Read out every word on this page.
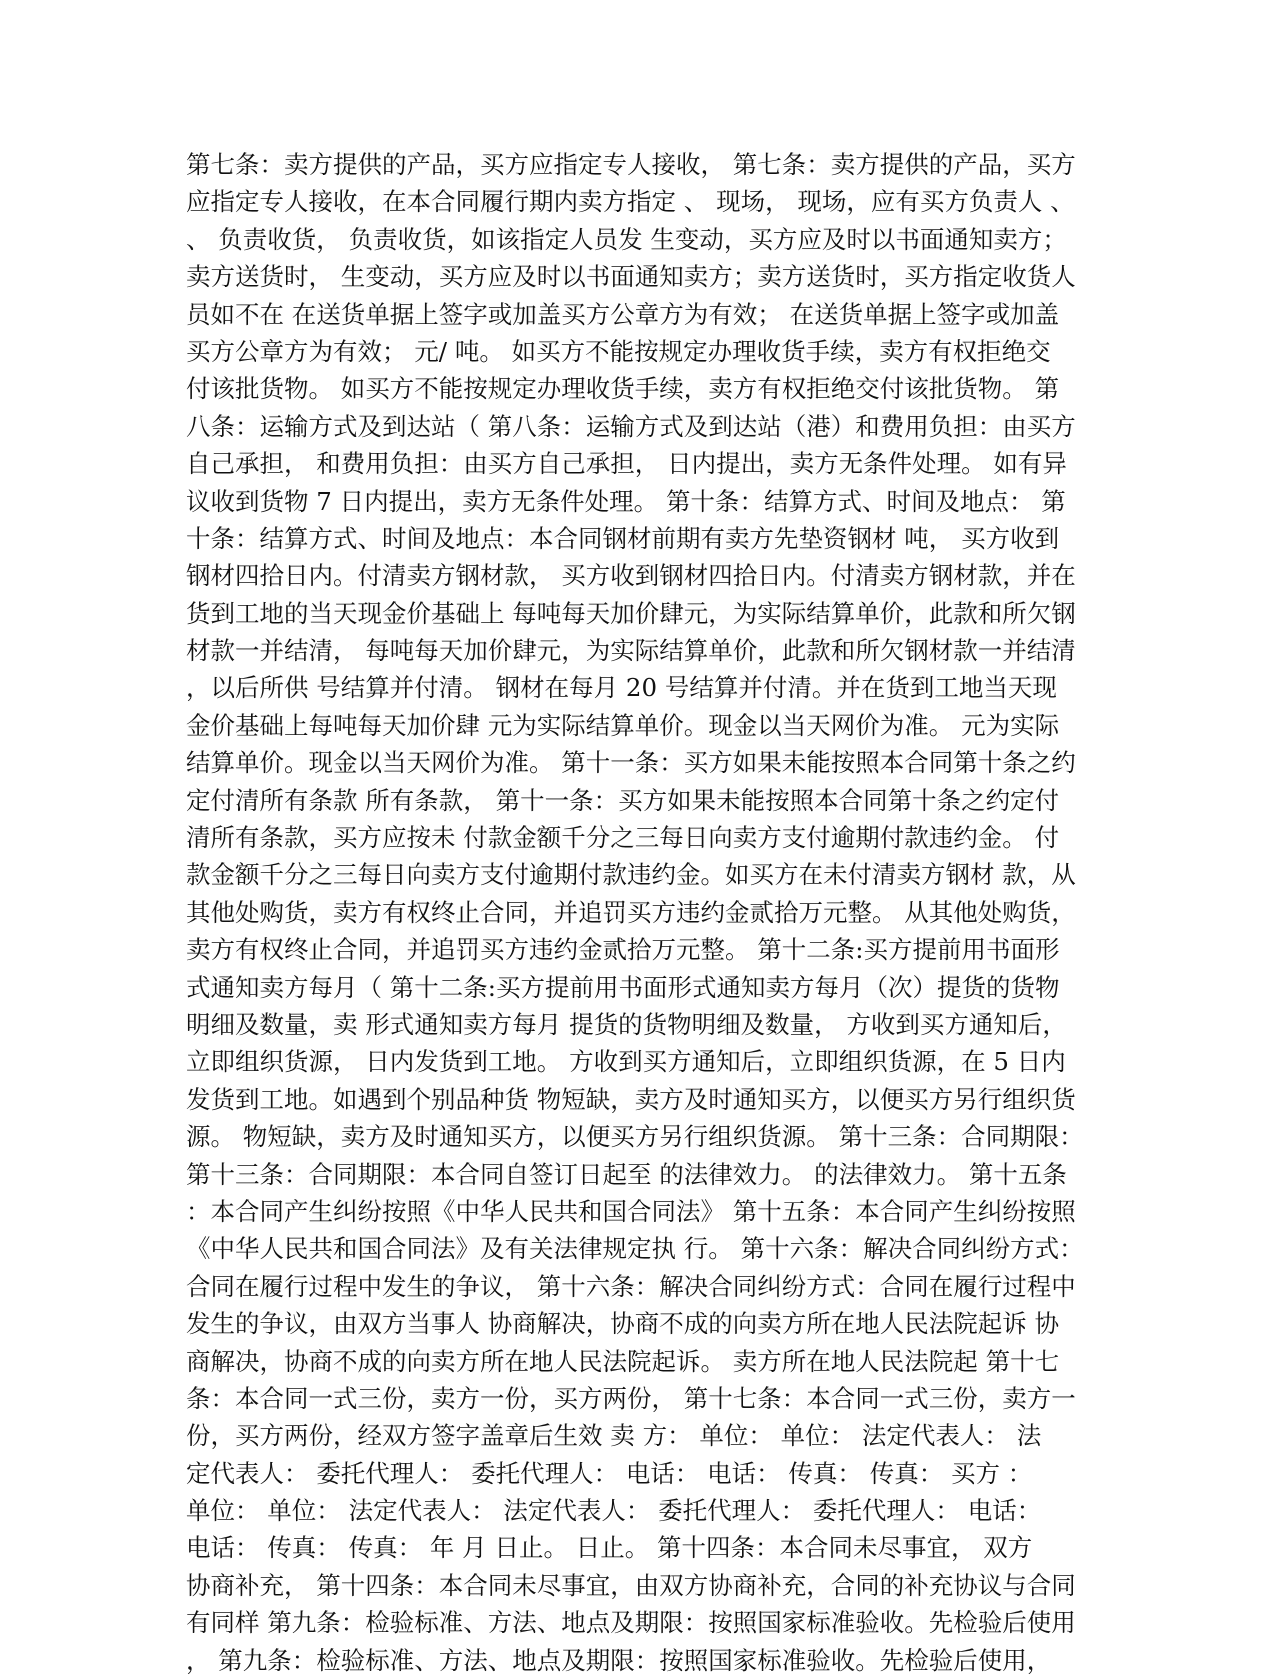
第七条：卖方提供的产品，买方应指定专人接收， 第七条：卖方提供的产品，买方
应指定专人接收，在本合同履行期内卖方指定 、 现场， 现场，应有买方负责人 、
、 负责收货， 负责收货，如该指定人员发 生变动，买方应及时以书面通知卖方；
卖方送货时， 生变动，买方应及时以书面通知卖方；卖方送货时，买方指定收货人
员如不在 在送货单据上签字或加盖买方公章方为有效； 在送货单据上签字或加盖
买方公章方为有效； 元/ 吨。 如买方不能按规定办理收货手续，卖方有权拒绝交
付该批货物。 如买方不能按规定办理收货手续，卖方有权拒绝交付该批货物。 第
八条：运输方式及到达站（ 第八条：运输方式及到达站（港）和费用负担：由买方
自己承担， 和费用负担：由买方自己承担， 日内提出，卖方无条件处理。 如有异
议收到货物 7 日内提出，卖方无条件处理。 第十条：结算方式、时间及地点： 第
十条：结算方式、时间及地点：本合同钢材前期有卖方先垫资钢材 吨， 买方收到
钢材四拾日内。付清卖方钢材款， 买方收到钢材四拾日内。付清卖方钢材款，并在
货到工地的当天现金价基础上 每吨每天加价肆元，为实际结算单价，此款和所欠钢
材款一并结清， 每吨每天加价肆元，为实际结算单价，此款和所欠钢材款一并结清
，以后所供 号结算并付清。 钢材在每月 20 号结算并付清。并在货到工地当天现
金价基础上每吨每天加价肆 元为实际结算单价。现金以当天网价为准。 元为实际
结算单价。现金以当天网价为准。 第十一条：买方如果未能按照本合同第十条之约
定付清所有条款 所有条款， 第十一条：买方如果未能按照本合同第十条之约定付
清所有条款，买方应按未 付款金额千分之三每日向卖方支付逾期付款违约金。 付
款金额千分之三每日向卖方支付逾期付款违约金。如买方在未付清卖方钢材 款，从
其他处购货，卖方有权终止合同，并追罚买方违约金贰拾万元整。 从其他处购货，
卖方有权终止合同，并追罚买方违约金贰拾万元整。 第十二条:买方提前用书面形
式通知卖方每月（ 第十二条:买方提前用书面形式通知卖方每月（次）提货的货物
明细及数量，卖 形式通知卖方每月 提货的货物明细及数量， 方收到买方通知后，
立即组织货源， 日内发货到工地。 方收到买方通知后，立即组织货源，在 5 日内
发货到工地。如遇到个别品种货 物短缺，卖方及时通知买方，以便买方另行组织货
源。 物短缺，卖方及时通知买方，以便买方另行组织货源。 第十三条：合同期限：
第十三条：合同期限：本合同自签订日起至 的法律效力。 的法律效力。 第十五条
：本合同产生纠纷按照《中华人民共和国合同法》 第十五条：本合同产生纠纷按照
《中华人民共和国合同法》及有关法律规定执 行。 第十六条：解决合同纠纷方式：
合同在履行过程中发生的争议， 第十六条：解决合同纠纷方式：合同在履行过程中
发生的争议，由双方当事人 协商解决，协商不成的向卖方所在地人民法院起诉 协
商解决，协商不成的向卖方所在地人民法院起诉。 卖方所在地人民法院起 第十七
条：本合同一式三份，卖方一份，买方两份， 第十七条：本合同一式三份，卖方一
份，买方两份，经双方签字盖章后生效 卖 方： 单位： 单位： 法定代表人： 法
定代表人： 委托代理人： 委托代理人： 电话： 电话： 传真： 传真： 买方 ：
单位： 单位： 法定代表人： 法定代表人： 委托代理人： 委托代理人： 电话：
电话： 传真： 传真： 年 月 日止。 日止。 第十四条：本合同未尽事宜， 双方
协商补充， 第十四条：本合同未尽事宜，由双方协商补充，合同的补充协议与合同
有同样 第九条：检验标准、方法、地点及期限：按照国家标准验收。先检验后使用
， 第九条：检验标准、方法、地点及期限：按照国家标准验收。先检验后使用，
